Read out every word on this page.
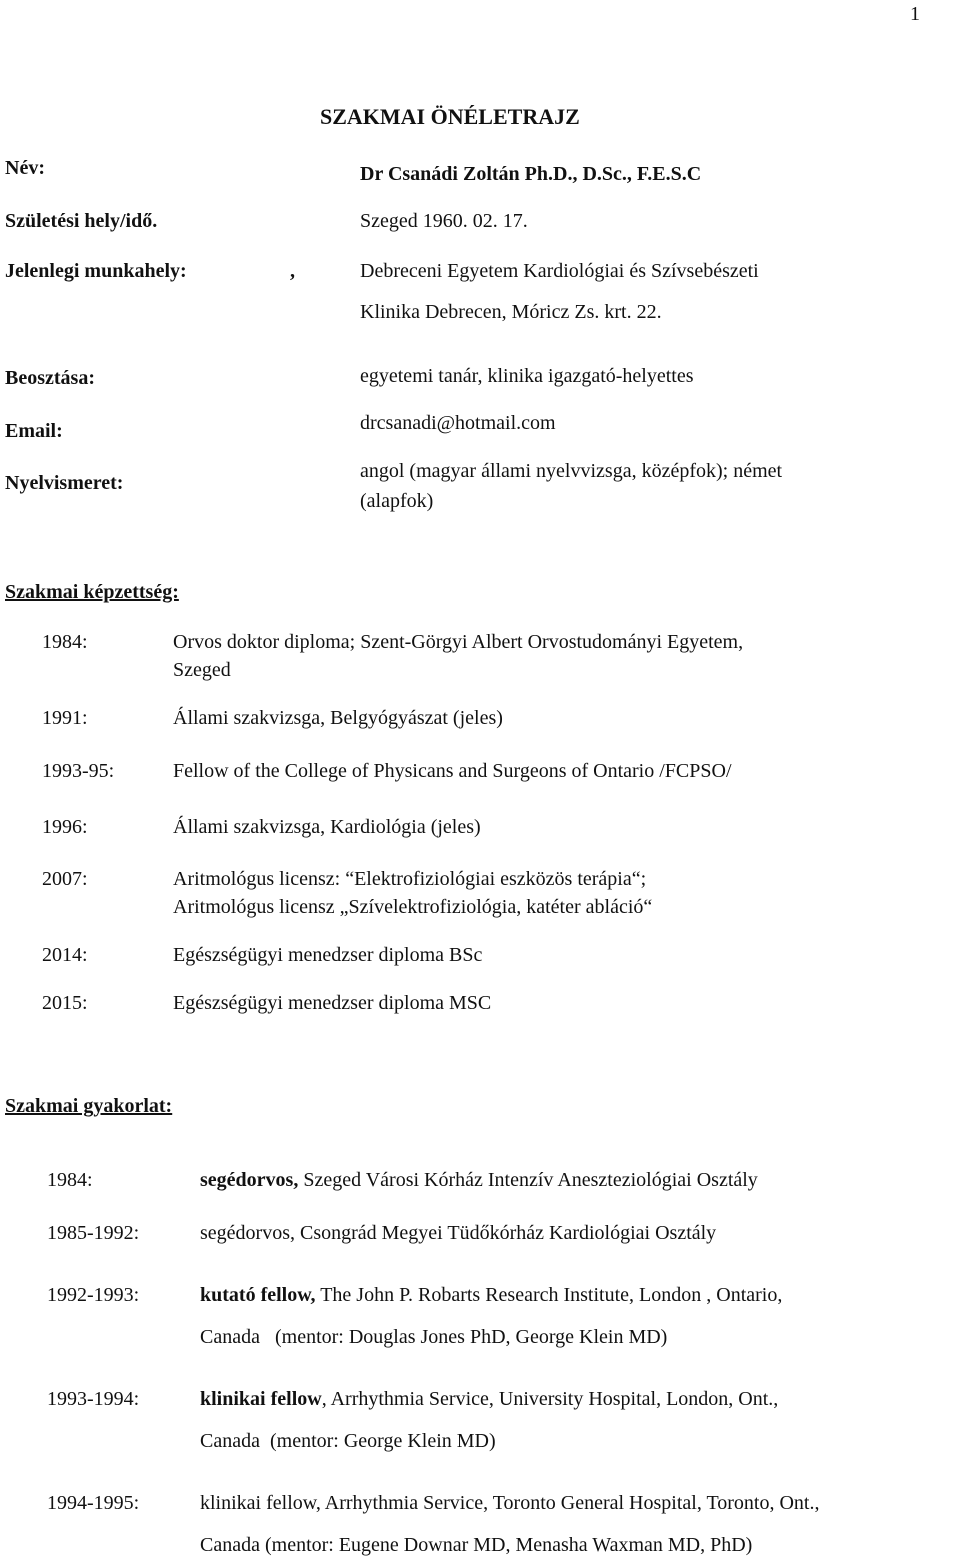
1
SZAKMAI ÖNÉLETRAJZ
Név:	Dr Csanádi Zoltán Ph.D., D.Sc., F.E.S.C
Születési hely/idő.	Szeged 1960. 02. 17.
Jelenlegi munkahely:	,	Debreceni Egyetem Kardiológiai és Szívsebészeti
Klinika Debrecen, Móricz Zs. krt. 22.
Beosztása:	egyetemi tanár, klinika igazgató-helyettes
Email:	drcsanadi@hotmail.com
Nyelvismeret:
angol (magyar állami nyelvvizsga, középfok); német
(alapfok)
Szakmai képzettség:
1984:	Orvos doktor diploma; Szent-Görgyi Albert Orvostudományi Egyetem,
Szeged
1991:	Állami szakvizsga, Belgyógyászat (jeles)
1993-95:	Fellow of the College of Physicans and Surgeons of Ontario /FCPSO/
1996:	Állami szakvizsga, Kardiológia (jeles)
2007:	Aritmológus licensz: “Elektrofiziológiai eszközös terápia“;
Aritmológus licensz „Szívelektrofiziológia, katéter abláció“
2014:	Egészségügyi menedzser diploma BSc
2015:	Egészségügyi menedzser diploma MSC
Szakmai gyakorlat:
1984:	segédorvos, Szeged Városi Kórház Intenzív Aneszteziológiai Osztály
1985-1992:	segédorvos, Csongrád Megyei Tüdőkórház Kardiológiai Osztály
1992-1993:	kutató fellow, The John P. Robarts Research Institute, London , Ontario,
Canada   (mentor: Douglas Jones PhD, George Klein MD)
1993-1994:	klinikai fellow, Arrhythmia Service, University Hospital, London, Ont.,
Canada  (mentor: George Klein MD)
1994-1995:	klinikai fellow, Arrhythmia Service, Toronto General Hospital, Toronto, Ont.,
Canada (mentor: Eugene Downar MD, Menasha Waxman MD, PhD)
